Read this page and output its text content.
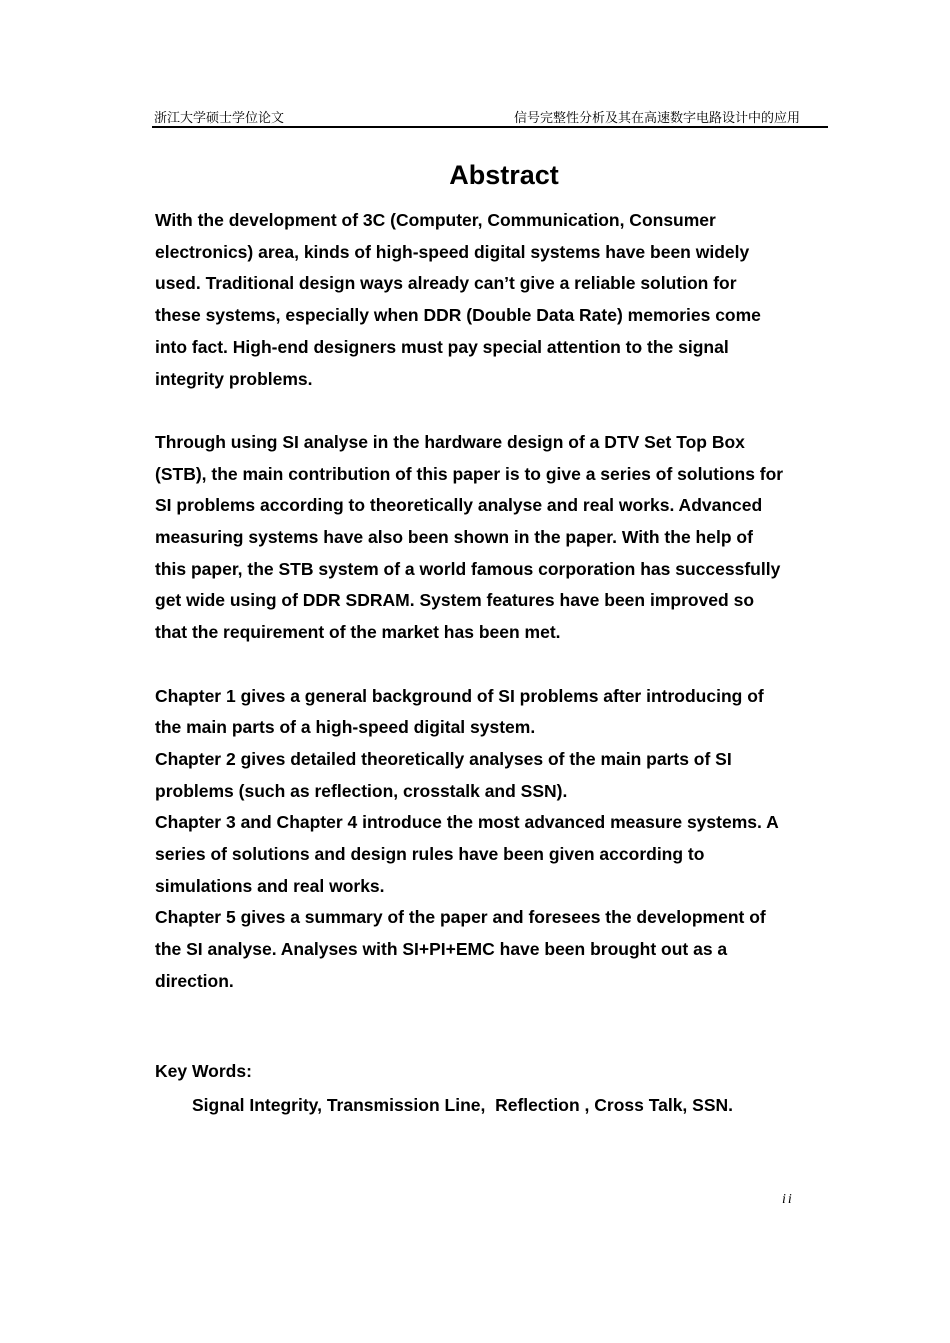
浙江大学硕士学位论文	信号完整性分析及其在高速数字电路设计中的应用
Abstract

With the development of 3C (Computer, Communication, Consumer
electronics) area, kinds of high-speed digital systems have been widely
used. Traditional design ways already can’t give a reliable solution for
these systems, especially when DDR (Double Data Rate) memories come
into fact. High-end designers must pay special attention to the signal
integrity problems.

Through using SI analyse in the hardware design of a DTV Set Top Box
(STB), the main contribution of this paper is to give a series of solutions for
SI problems according to theoretically analyse and real works. Advanced
measuring systems have also been shown in the paper. With the help of
this paper, the STB system of a world famous corporation has successfully
get wide using of DDR SDRAM. System features have been improved so
that the requirement of the market has been met.

Chapter 1 gives a general background of SI problems after introducing of
the main parts of a high-speed digital system.
Chapter 2 gives detailed theoretically analyses of the main parts of SI
problems (such as reflection, crosstalk and SSN).
Chapter 3 and Chapter 4 introduce the most advanced measure systems. A
series of solutions and design rules have been given according to
simulations and real works.
Chapter 5 gives a summary of the paper and foresees the development of
the SI analyse. Analyses with SI+PI+EMC have been brought out as a
direction.

Key Words:
Signal Integrity, Transmission Line,  Reflection , Cross Talk, SSN.
ii
